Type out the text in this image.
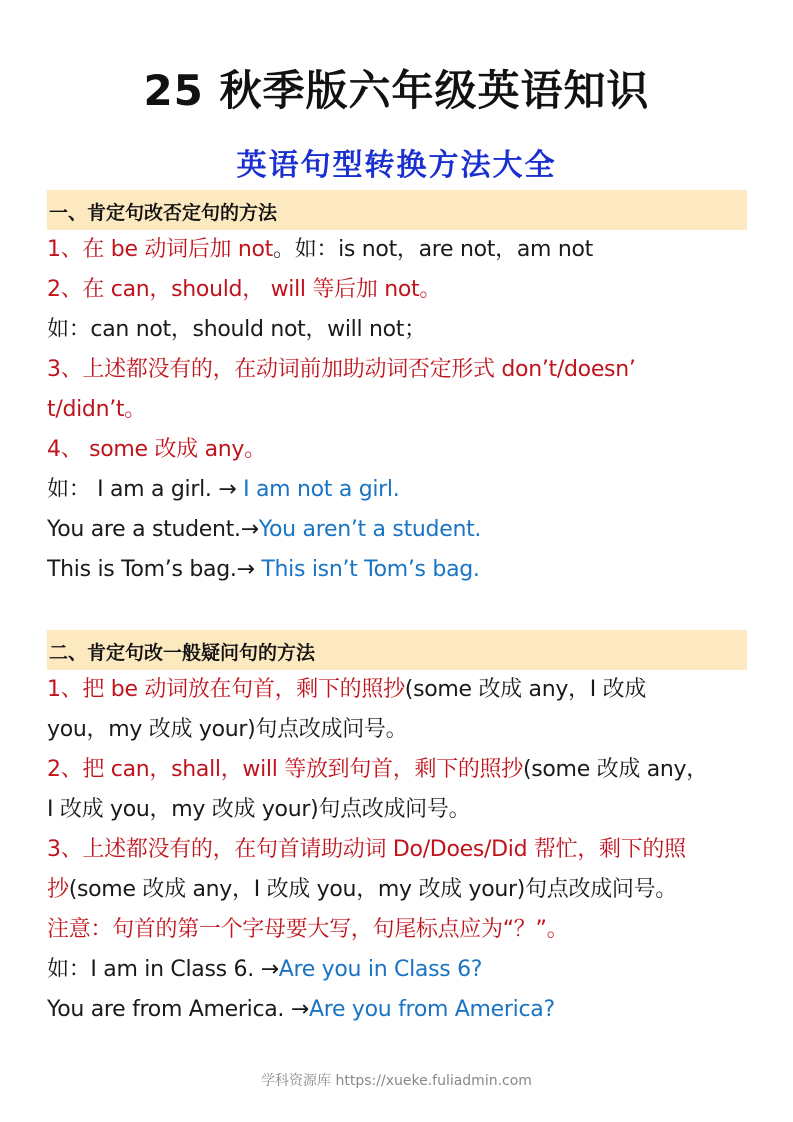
25 秋季版六年级英语知识
英语句型转换方法大全
一、肯定句改否定句的方法
1、在 be 动词后加 not。如：is not，are not，am not
2、在 can，should， will 等后加 not。
如：can not，should not，will not；
3、上述都没有的，在动词前加助动词否定形式 don’t/doesn’
t/didn’t。
4、 some 改成 any。
如： I am a girl. → I am not a girl.
You are a student.→You aren’t a student.
This is Tom’s bag.→ This isn’t Tom’s bag.
二、肯定句改一般疑问句的方法
1、把 be 动词放在句首，剩下的照抄(some 改成 any，I 改成
you，my 改成 your)句点改成问号。
2、把 can，shall，will 等放到句首，剩下的照抄(some 改成 any，
I 改成 you，my 改成 your)句点改成问号。
3、上述都没有的，在句首请助动词 Do/Does/Did 帮忙，剩下的照
抄(some 改成 any，I 改成 you，my 改成 your)句点改成问号。
注意：句首的第一个字母要大写，句尾标点应为“？”。
如：I am in Class 6. →Are you in Class 6?
You are from America. →Are you from America?
学科资源库 https://xueke.fuliadmin.com
